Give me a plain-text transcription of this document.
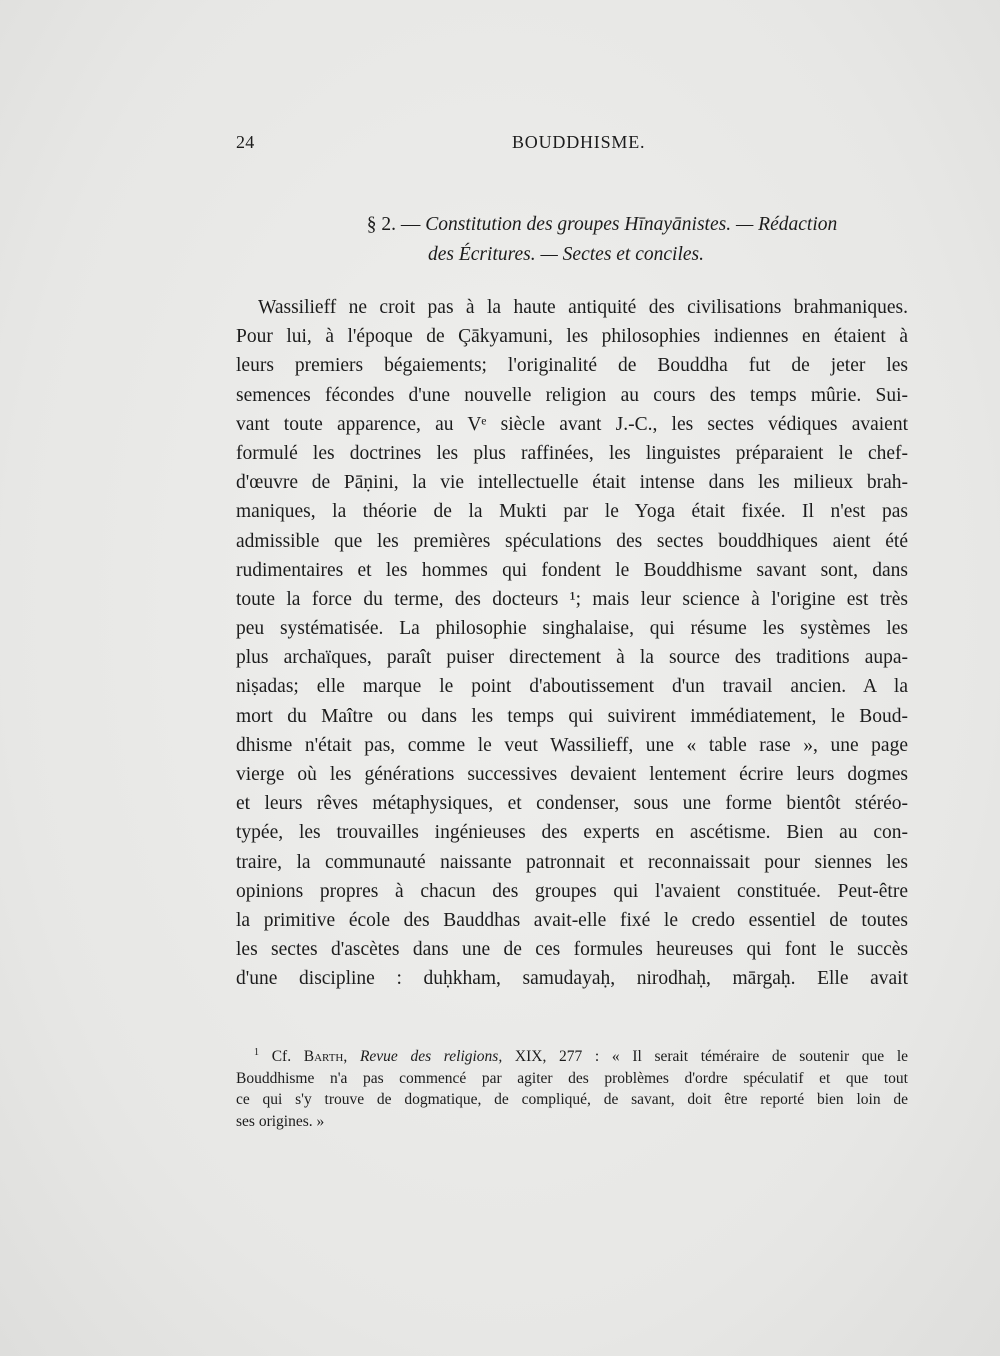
24	BOUDDHISME.
§ 2. — Constitution des groupes Hīnayānistes. — Rédaction
des Écritures. — Sectes et conciles.
Wassilieff ne croit pas à la haute antiquité des civilisations brahmaniques.
Pour lui, à l'époque de Çākyamuni, les philosophies indiennes en étaient à
leurs premiers bégaiements; l'originalité de Bouddha fut de jeter les
semences fécondes d'une nouvelle religion au cours des temps mûrie. Sui-
vant toute apparence, au Vᵉ siècle avant J.-C., les sectes védiques avaient
formulé les doctrines les plus raffinées, les linguistes préparaient le chef-
d'œuvre de Pāṇini, la vie intellectuelle était intense dans les milieux brah-
maniques, la théorie de la Mukti par le Yoga était fixée. Il n'est pas
admissible que les premières spéculations des sectes bouddhiques aient été
rudimentaires et les hommes qui fondent le Bouddhisme savant sont, dans
toute la force du terme, des docteurs ¹; mais leur science à l'origine est très
peu systématisée. La philosophie singhalaise, qui résume les systèmes les
plus archaïques, paraît puiser directement à la source des traditions aupa-
niṣadas; elle marque le point d'aboutissement d'un travail ancien. A la
mort du Maître ou dans les temps qui suivirent immédiatement, le Boud-
dhisme n'était pas, comme le veut Wassilieff, une « table rase », une page
vierge où les générations successives devaient lentement écrire leurs dogmes
et leurs rêves métaphysiques, et condenser, sous une forme bientôt stéréo-
typée, les trouvailles ingénieuses des experts en ascétisme. Bien au con-
traire, la communauté naissante patronnait et reconnaissait pour siennes les
opinions propres à chacun des groupes qui l'avaient constituée. Peut-être
la primitive école des Bauddhas avait-elle fixé le credo essentiel de toutes
les sectes d'ascètes dans une de ces formules heureuses qui font le succès
d'une discipline : duḥkham, samudayaḥ, nirodhaḥ, mārgaḥ. Elle avait
$^1$ Cf. Barth, Revue des religions, XIX, 277 : « Il serait téméraire de soutenir que le
Bouddhisme n'a pas commencé par agiter des problèmes d'ordre spéculatif et que tout
ce qui s'y trouve de dogmatique, de compliqué, de savant, doit être reporté bien loin de
ses origines. »
